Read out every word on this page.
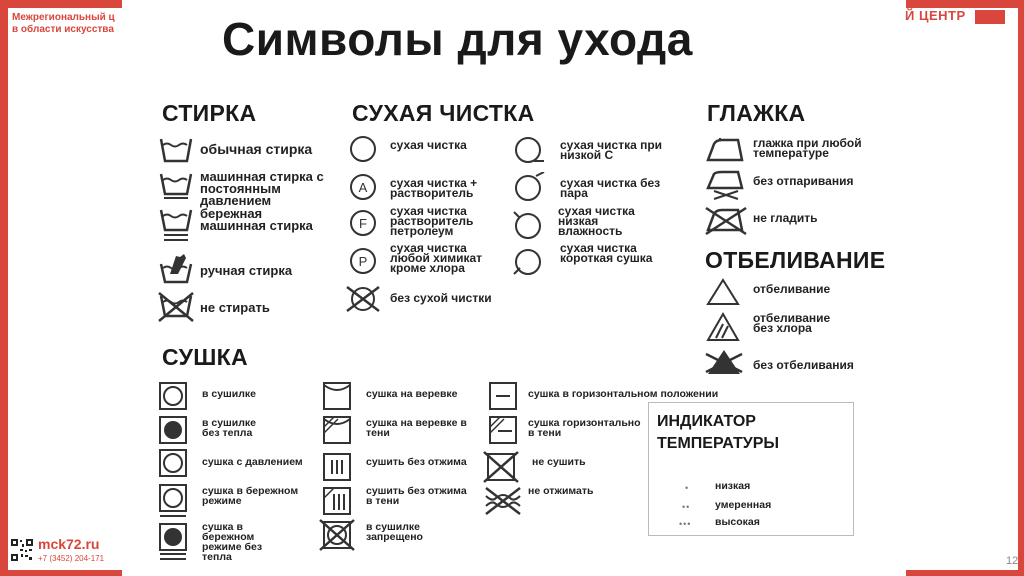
Межрегиональный ц
в области искусства
Й ЦЕНТР
mck72.ru
+7 (3452) 204-171	12
Символы для ухода
СТИРКА
обычная стирка
машинная стирка с постоянным давлением
бережная машинная стирка
ручная стирка
не стирать
СУХАЯ ЧИСТКА
сухая чистка
A сухая чистка + растворитель
F
сухая чистка растворитель петролеум
P
сухая чистка любой химикат кроме хлора
без сухой чистки
сухая чистка при низкой С
сухая чистка без пара
сухая чистка низкая влажность
сухая чистка короткая сушка
ГЛАЖКА
глажка при любой температуре
без отпаривания
не гладить
ОТБЕЛИВАНИЕ
отбеливание
отбеливание без хлора
без отбеливания
СУШКА
в сушилке
в сушилке без тепла
сушка с давлением
сушка в бережном режиме
сушка в бережном режиме без тепла
сушка на веревке
сушка на веревке в тени
сушить без отжима
сушить без отжима в тени
в сушилке запрещено
сушка в горизонтальном положении
сушка горизонтально в тени
не сушить
не отжимать
ИНДИКАТОР ТЕМПЕРАТУРЫ
• низкая
•• умеренная
••• высокая
